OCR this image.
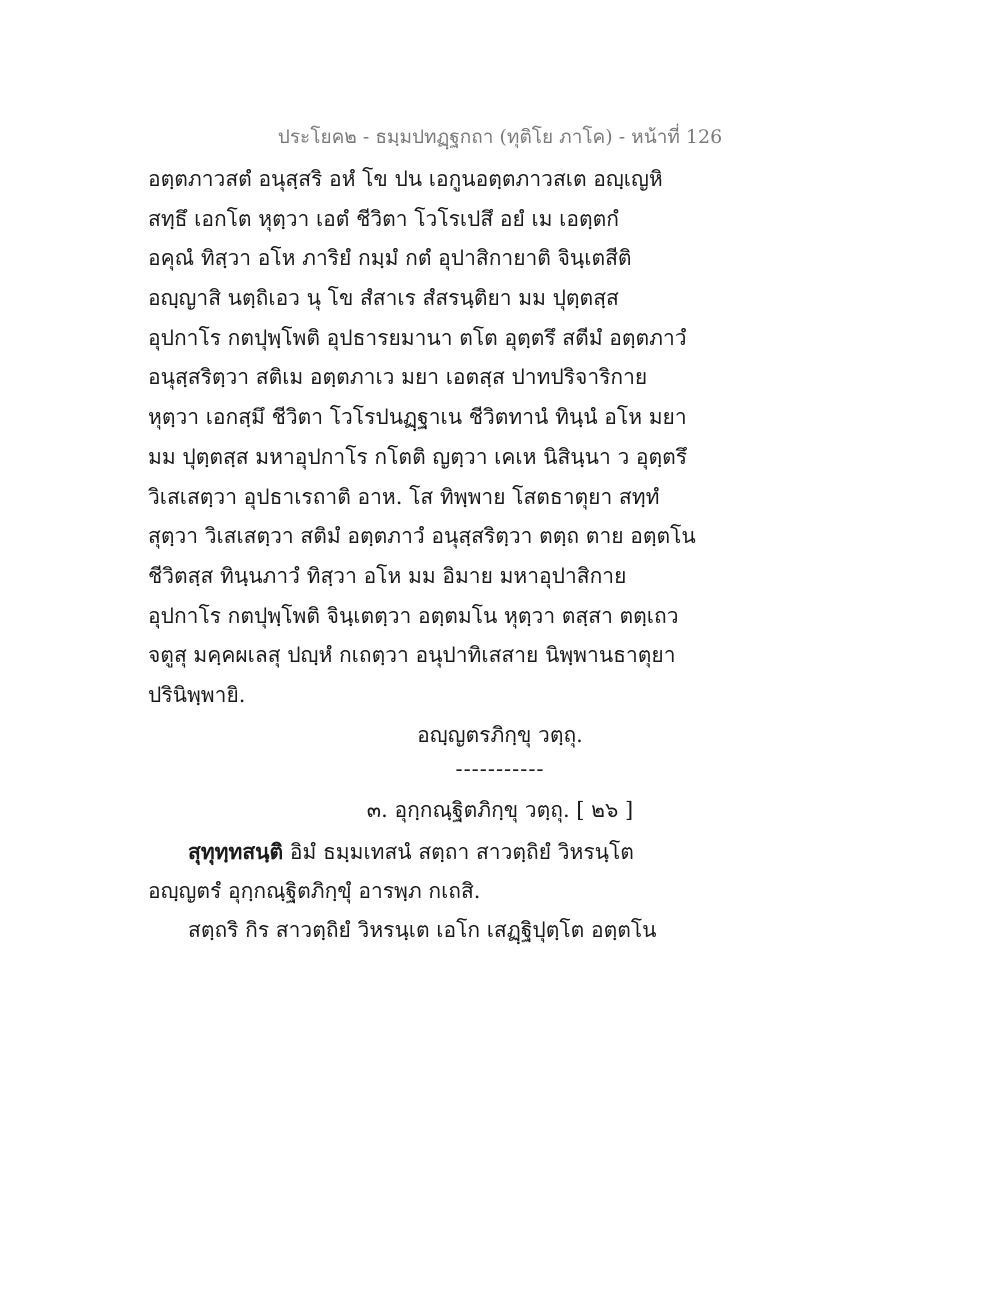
ประโยค๒ - ธมฺมปทฏฺฐกถา (ทุติโย ภาโค) - หน้าที่ 126
อตฺตภาวสตํ อนุสฺสริ อหํ โข ปน เอกูนอตฺตภาวสเต อญฺเญหิ
สทฺธึ เอกโต หุตฺวา เอตํ ชีวิตา โวโรเปสึ อยํ เม เอตฺตกํ
อคุณํ ทิสฺวา อโห ภาริยํ กมฺมํ กตํ อุปาสิกายาติ จินฺเตสีติ
อญฺญาสิ นตฺถิเอว นุ โข สํสาเร สํสรนฺติยา มม ปุตฺตสฺส
อุปกาโร กตปุพฺโพติ อุปธารยมานา ตโต อุตฺตรึ สตีมํ อตฺตภาวํ
อนุสฺสริตฺวา สติเม อตฺตภาเว มยา เอตสฺส ปาทปริจาริกาย
หุตฺวา เอกสฺมึ ชีวิตา โวโรปนฏฺฐาเน ชีวิตทานํ ทินฺนํ อโห มยา
มม ปุตฺตสฺส มหาอุปกาโร กโตติ ญตฺวา เคเห นิสินฺนา ว อุตฺตรึ
วิเสเสตฺวา อุปธาเรถาติ อาห. โส ทิพฺพาย โสตธาตุยา สทฺทํ
สุตฺวา วิเสเสตฺวา สติมํ อตฺตภาวํ อนุสฺสริตฺวา ตตฺถ ตาย อตฺตโน
ชีวิตสฺส ทินฺนภาวํ ทิสฺวา อโห มม อิมาย มหาอุปาสิกาย
อุปกาโร กตปุพฺโพติ จินฺเตตฺวา อตฺตมโน หุตฺวา ตสฺสา ตตฺเถว
จตูสุ มคฺคผเลสุ ปญฺหํ กเถตฺวา อนุปาทิเสสาย นิพฺพานธาตุยา
ปรินิพฺพายิ.
อญฺญตรภิกฺขุ วตฺถุ.
-----------
๓. อุกฺกณฺฐิตภิกฺขุ วตฺถุ. [ ๒๖ ]
สุทุทฺทสนฺติ อิมํ ธมฺมเทสนํ สตฺถา สาวตฺถิยํ วิหรนฺโต
อญฺญตรํ อุกฺกณฺฐิตภิกฺขุํ อารพฺภ กเถสิ.
สตฺถริ กิร สาวตฺถิยํ วิหรนฺเต เอโก เสฏฺฐิปุตฺโต อตฺตโน
